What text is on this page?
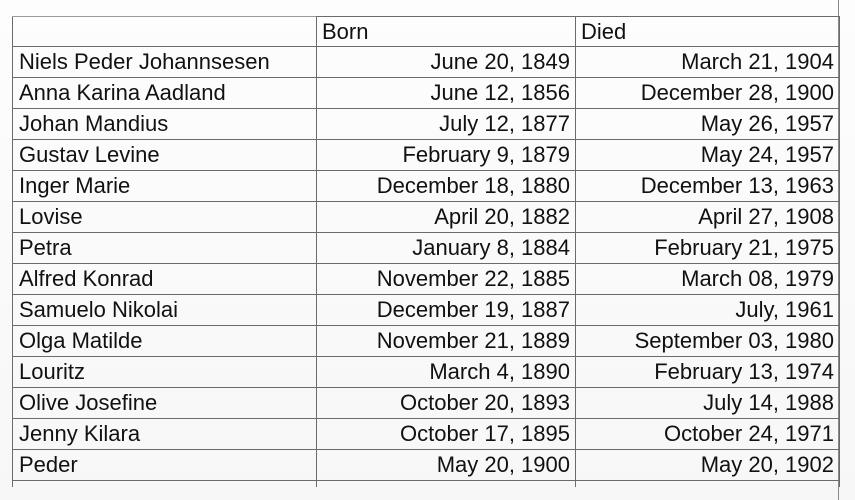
	Born	Died
Niels Peder Johannsesen	June 20, 1849	March 21, 1904
Anna Karina Aadland	June 12, 1856	December 28, 1900
Johan Mandius	July 12, 1877	May 26, 1957
Gustav Levine	February 9, 1879	May 24, 1957
Inger Marie	December 18, 1880	December 13, 1963
Lovise	April 20, 1882	April 27, 1908
Petra	January 8, 1884	February 21, 1975
Alfred Konrad	November 22, 1885	March 08, 1979
Samuelo Nikolai	December 19, 1887	July, 1961
Olga Matilde	November 21, 1889	September 03, 1980
Louritz	March 4, 1890	February 13, 1974
Olive Josefine	October 20, 1893	July 14, 1988
Jenny Kilara	October 17, 1895	October 24, 1971
Peder	May 20, 1900	May 20, 1902
